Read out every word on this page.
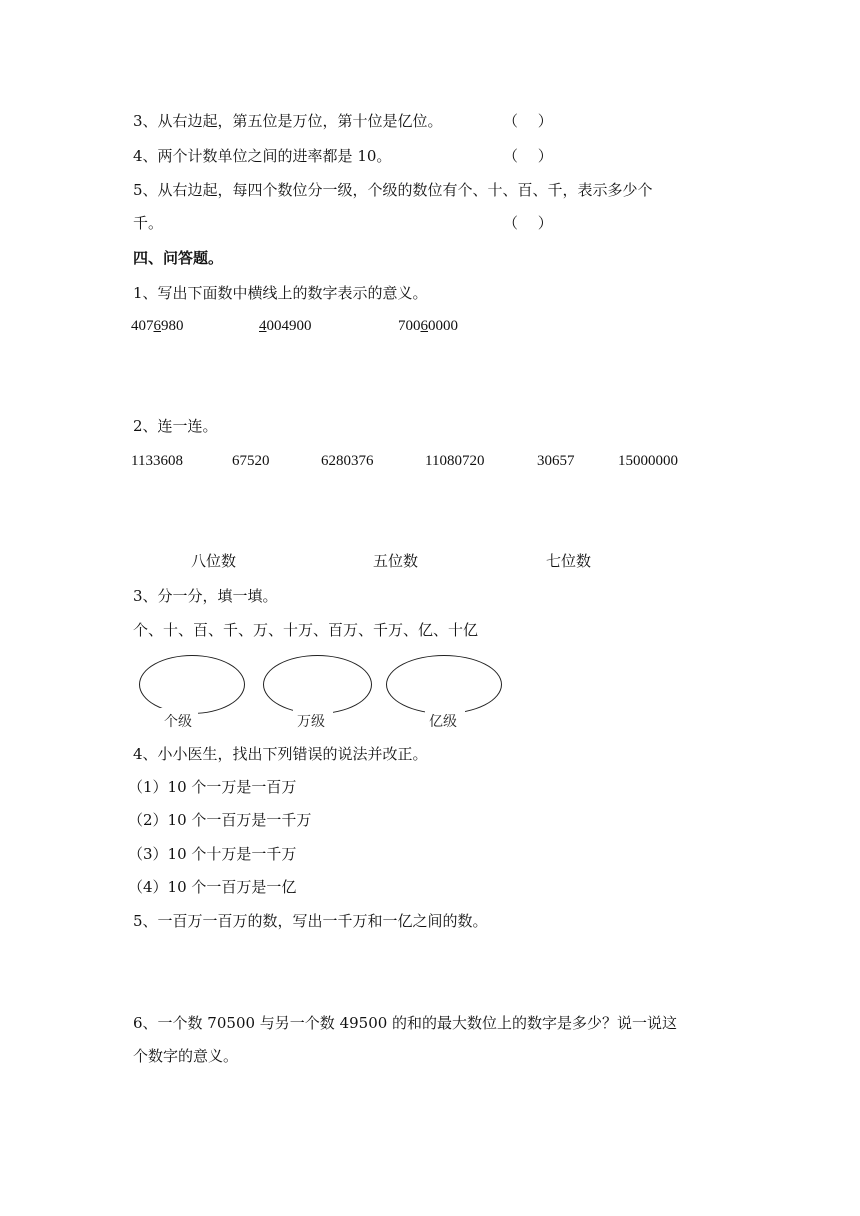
3、从右边起，第五位是万位，第十位是亿位。	（　 ）
4、两个计数单位之间的进率都是 10。	（　 ）
5、从右边起，每四个数位分一级，个级的数位有个、十、百、千，表示多少个
千。	（　 ）
四、问答题。
1、写出下面数中横线上的数字表示的意义。
4076980	4004900	70060000
2、连一连。
1133608	67520	6280376	11080720	30657	15000000
八位数	五位数	七位数
3、分一分，填一填。
个、十、百、千、万、十万、百万、千万、亿、十亿
个级	万级	亿级
4、小小医生，找出下列错误的说法并改正。
（1）10 个一万是一百万
（2）10 个一百万是一千万
（3）10 个十万是一千万
（4）10 个一百万是一亿
5、一百万一百万的数，写出一千万和一亿之间的数。
6、一个数 70500 与另一个数 49500 的和的最大数位上的数字是多少？说一说这
个数字的意义。
